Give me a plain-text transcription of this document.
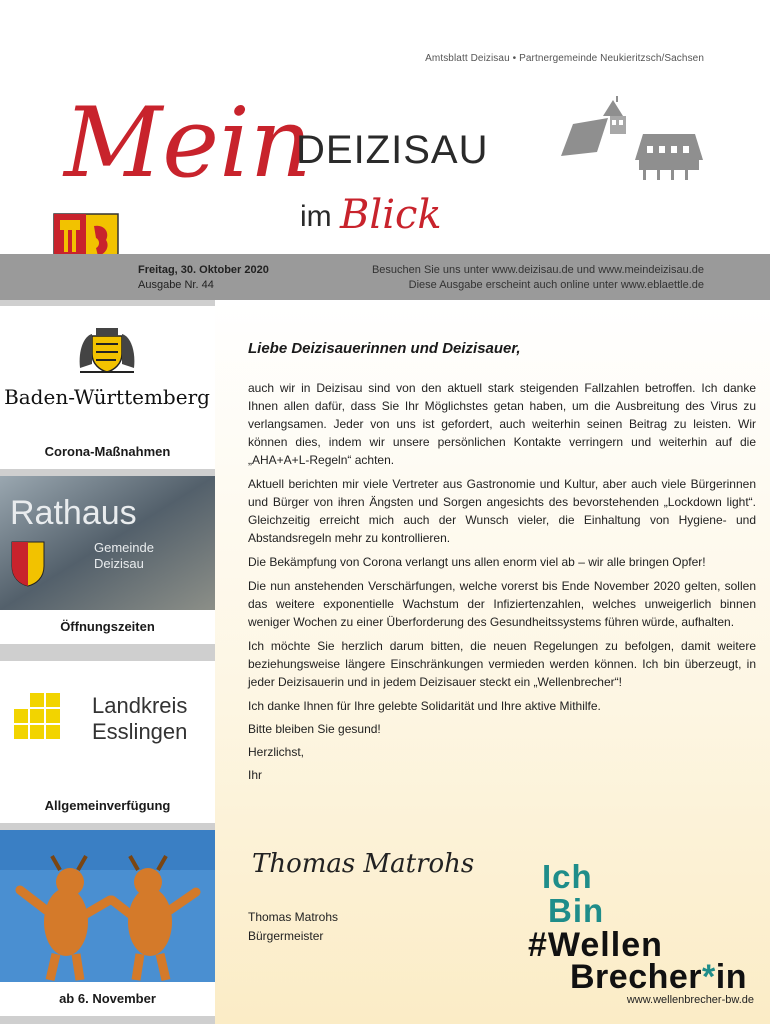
Amtsblatt Deizisau • Partnergemeinde Neukieritzsch/Sachsen
Mein
DEIZISAU
im Blick
Freitag, 30. Oktober 2020
Ausgabe Nr. 44
Besuchen Sie uns unter www.deizisau.de und www.meindeizisau.de
Diese Ausgabe erscheint auch online unter www.eblaettle.de
Baden-Württemberg
Corona-Maßnahmen
Rathaus
Gemeinde
Deizisau
Öffnungszeiten
Landkreis
Esslingen
Allgemeinverfügung
ab 6. November
Liebe Deizisauerinnen und Deizisauer,

auch wir in Deizisau sind von den aktuell stark steigenden Fallzahlen betroffen. Ich danke Ihnen allen dafür, dass Sie Ihr Möglichstes getan haben, um die Ausbreitung des Virus zu verlangsamen. Jeder von uns ist gefordert, auch weiterhin seinen Beitrag zu leisten. Wir können dies, indem wir unsere persönlichen Kontakte verringern und weiterhin auf die „AHA+A+L-Regeln“ achten.

Aktuell berichten mir viele Vertreter aus Gastronomie und Kultur, aber auch viele Bürgerinnen und Bürger von ihren Ängsten und Sorgen angesichts des bevorstehenden „Lockdown light“. Gleichzeitig erreicht mich auch der Wunsch vieler, die Einhaltung von Hygiene- und Abstandsregeln mehr zu kontrollieren.

Die Bekämpfung von Corona verlangt uns allen enorm viel ab – wir alle bringen Opfer!

Die nun anstehenden Verschärfungen, welche vorerst bis Ende November 2020 gelten, sollen das weitere exponentielle Wachstum der Infiziertenzahlen, welches unweigerlich binnen weniger Wochen zu einer Überforderung des Gesundheitssystems führen würde, aufhalten.

Ich möchte Sie herzlich darum bitten, die neuen Regelungen zu befolgen, damit weitere beziehungsweise längere Einschränkungen vermieden werden können. Ich bin überzeugt, in jeder Deizisauerin und in jedem Deizisauer steckt ein „Wellenbrecher“!

Ich danke Ihnen für Ihre gelebte Solidarität und Ihre aktive Mithilfe.

Bitte bleiben Sie gesund!

Herzlichst,

Ihr

Thomas Matrohs
Thomas Matrohs
Bürgermeister
Ich
Bin
#Wellen
Brecher*in
www.wellenbrecher-bw.de
